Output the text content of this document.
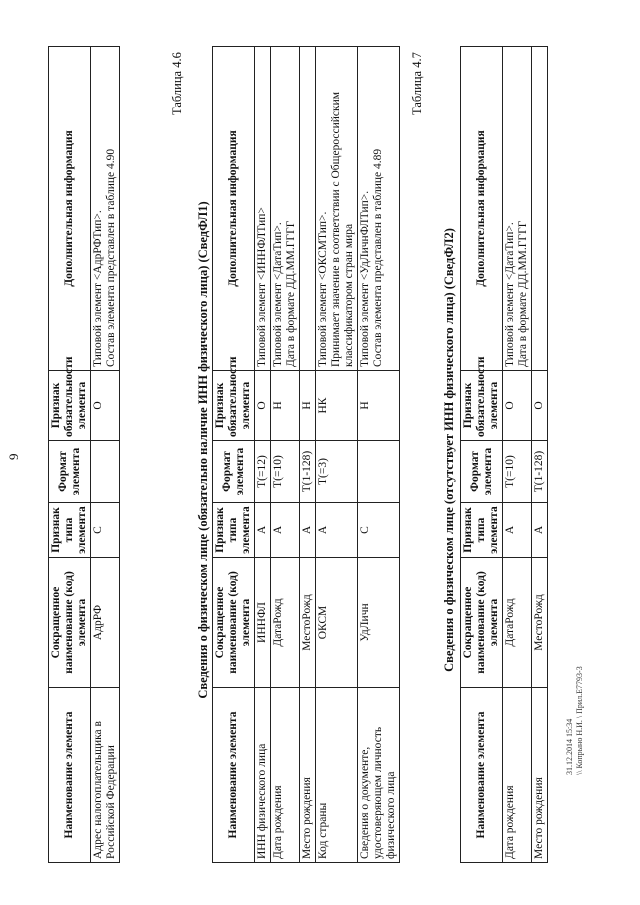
9
Наименование элемента	Сокращенное наименование (код) элемента	Признак типа элемента	Формат элемента	Признак обязательности элемента	Дополнительная информация
Адрес налогоплательщика в Российской Федерации	АдрРФ	С		О	Типовой элемент <АдрРФТип>.
Состав элемента представлен в таблице 4.90
Таблица 4.6
Сведения о физическом лице (обязательно наличие ИНН физического лица) (СведФЛ1)
Наименование элемента	Сокращенное наименование (код) элемента	Признак типа элемента	Формат элемента	Признак обязательности элемента	Дополнительная информация
ИНН физического лица	ИННФЛ	А	T(=12)	О	Типовой элемент <ИННФЛТип>
Дата рождения	ДатаРожд	А	T(=10)	Н	Типовой элемент <ДатаТип>.
Дата в формате ДД.ММ.ГГГГ
Место рождения	МестоРожд	А	T(1-128)	Н	
Код страны	ОКСМ	А	T(=3)	НК	Типовой элемент <ОКСМТип>.
Принимает значение в соответствии с Общероссийским классификатором стран мира
Сведения о документе, удостоверяющем личность физического лица	УдЛичн	С		Н	Типовой элемент <УдЛичнФЛТип>.
Состав элемента представлен в таблице 4.89
Таблица 4.7
Сведения о физическом лице (отсутствует ИНН физического лица) (СведФЛ2)
Наименование элемента	Сокращенное наименование (код) элемента	Признак типа элемента	Формат элемента	Признак обязательности элемента	Дополнительная информация
Дата рождения	ДатаРожд	А	T(=10)	О	Типовой элемент <ДатаТип>.
Дата в формате ДД.ММ.ГГГГ
Место рождения	МестоРожд	А	T(1-128)	О	
31.12.2014 15:34 \\ Копрыно Н.И. \ Прил.Е7793-3
